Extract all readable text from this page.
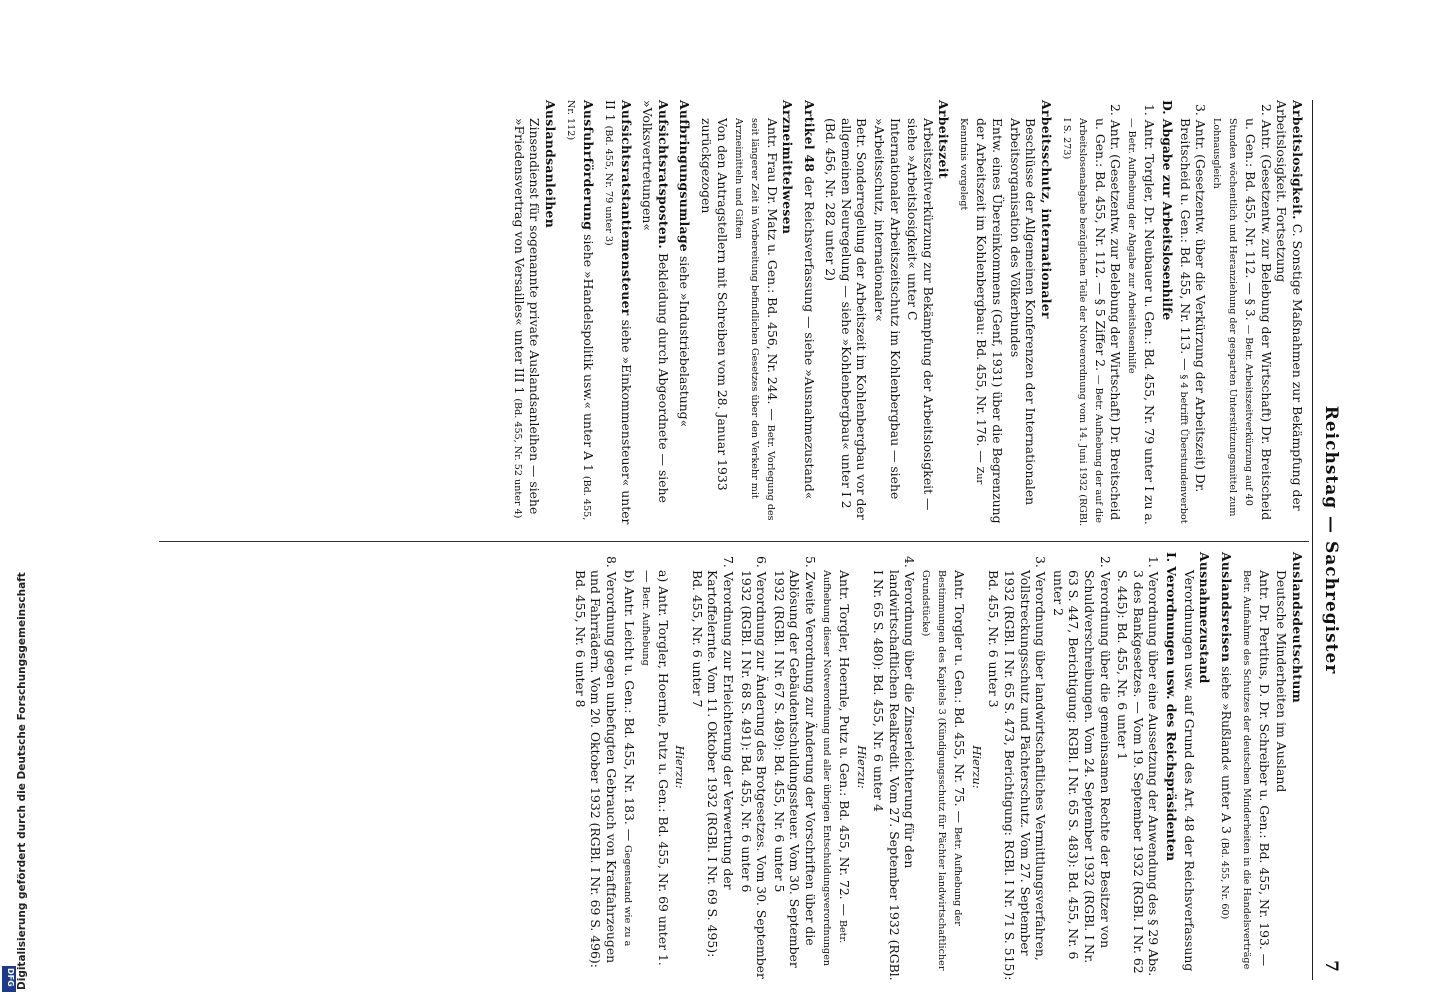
Reichstag — Sachregister
7
Arbeitslosigkeit. C. Sonstige Maßnahmen zur Bekämpfung der Arbeitslosigkeit. Fortsetzung
2. Antr. (Gesetzentw. zur Belebung der Wirtschaft) Dr. Breitscheid u. Gen.: Bd. 455, Nr. 112. — § 3. — Betr. Arbeitszeitverkürzung auf 40 Stunden wöchentlich und Heranziehung der gesparten Unterstützungsmittel zum Lohnausgleich
3. Antr. (Gesetzentw. über die Verkürzung der Arbeitszeit) Dr. Breitscheid u. Gen.: Bd. 455, Nr. 113. — § 4 betrifft Überstundenverbot
D. Abgabe zur Arbeitslosenhilfe
1. Antr. Torgler, Dr. Neubauer u. Gen.: Bd. 455, Nr. 79 unter I zu a. — Betr. Aufhebung der Abgabe zur Arbeitslosenhilfe
2. Antr. (Gesetzentw. zur Belebung der Wirtschaft) Dr. Breitscheid u. Gen.: Bd. 455, Nr. 112. — § 5 Ziffer 2. — Betr. Aufhebung der auf die Arbeitslosenabgabe bezüglichen Teile der Notverordnung vom 14. Juni 1932 (RGBl. I S. 273)
Arbeitsschutz, internationaler
Beschlüsse der Allgemeinen Konferenzen der Internationalen Arbeitsorganisation des Völkerbundes
Entw. eines Übereinkommens (Genf, 1931) über die Begrenzung der Arbeitszeit im Kohlenbergbau: Bd. 455, Nr. 176. — Zur Kenntnis vorgelegt
Arbeitszeit
Arbeitszeitverkürzung zur Bekämpfung der Arbeitslosigkeit — siehe »Arbeitslosigkeit« unter C
Internationaler Arbeitszeitschutz im Kohlenbergbau — siehe »Arbeitsschutz, internationaler«
Betr. Sonderregelung der Arbeitszeit im Kohlenbergbau vor der allgemeinen Neuregelung — siehe »Kohlenbergbau« unter I 2 (Bd. 456, Nr. 282 unter 2)
Artikel 48 der Reichsverfassung — siehe »Ausnahmezustand«
Arzneimittelwesen
Antr. Frau Dr. Matz u. Gen.: Bd. 456, Nr. 244. — Betr. Vorlegung des seit längerer Zeit in Vorbereitung befindlichen Gesetzes über den Verkehr mit Arzneimitteln und Giften
Von den Antragstellern mit Schreiben vom 28. Januar 1933 zurückgezogen
Aufbringungsumlage siehe »Industriebelastung«
Aufsichtsratsposten. Bekleidung durch Abgeordnete — siehe »Volksvertretungen«
Aufsichtsratstantiemensteuer siehe »Einkommensteuer« unter II 1 (Bd. 455, Nr. 79 unter 3)
Ausfuhrförderung siehe »Handelspolitik usw.« unter A 1 (Bd. 455, Nr. 112)
Auslandsanleihen
Zinsendienst für sogenannte private Auslandsanleihen — siehe »Friedensvertrag von Versailles« unter III 1 (Bd. 455, Nr. 52 unter 4)
Auslandsdeutschtum
Deutsche Minderheiten im Ausland
Antr. Dr. Pertitus, D. Dr. Schreiber u. Gen.: Bd. 455, Nr. 193. — Betr. Aufnahme des Schutzes der deutschen Minderheiten in die Handelsverträge
Auslandsreisen siehe »Rußland« unter A 3 (Bd. 455, Nr. 60)
Ausnahmezustand
Verordnungen usw. auf Grund des Art. 48 der Reichsverfassung
I. Verordnungen usw. des Reichspräsidenten
1. Verordnung über eine Aussetzung der Anwendung des § 29 Abs. 3 des Bankgesetzes. — Vom 19. September 1932 (RGBl. I Nr. 62 S. 445): Bd. 455, Nr. 6 unter 1
2. Verordnung über die gemeinsamen Rechte der Besitzer von Schuldverschreibungen. Vom 24. September 1932 (RGBl. I Nr. 63 S. 447, Berichtigung: RGBl. I Nr. 65 S. 483): Bd. 455, Nr. 6 unter 2
3. Verordnung über landwirtschaftliches Vermittlungsverfahren, Vollstreckungsschutz und Pächterschutz. Vom 27. September 1932 (RGBl. I Nr. 65 S. 473, Berichtigung: RGBl. I Nr. 71 S. 515): Bd. 455, Nr. 6 unter 3
Hierzu:
Antr. Torgler u. Gen.: Bd. 455, Nr. 75. — Betr. Aufhebung der Bestimmungen des Kapitels 3 (Kündigungsschutz für Pächter landwirtschaftlicher Grundstücke)
4. Verordnung über die Zinserleichterung für den landwirtschaftlichen Realkredit. Vom 27. September 1932 (RGBl. I Nr. 65 S. 480): Bd. 455, Nr. 6 unter 4
Hierzu:
Antr. Torgler, Hoernle, Putz u. Gen.: Bd. 455, Nr. 72. — Betr. Aufhebung dieser Notverordnung und aller übrigen Entschuldungsverordnungen
5. Zweite Verordnung zur Änderung der Vorschriften über die Ablösung der Gebäudentschuldungssteuer. Vom 30. September 1932 (RGBl. I Nr. 67 S. 489): Bd. 455, Nr. 6 unter 5
6. Verordnung zur Änderung des Brotgesetzes. Vom 30. September 1932 (RGBl. I Nr. 68 S. 491): Bd. 455, Nr. 6 unter 6
7. Verordnung zur Erleichterung der Verwertung der Kartoffelernte. Vom 11. Oktober 1932 (RGBl. I Nr. 69 S. 495): Bd. 455, Nr. 6 unter 7
Hierzu:
a) Antr. Torgler, Hoernle, Putz u. Gen.: Bd. 455, Nr. 69 unter 1. — Betr. Aufhebung
b) Antr. Leicht u. Gen.: Bd. 455, Nr. 183. — Gegenstand wie zu a
8. Verordnung gegen unbefugten Gebrauch von Kraftfahrzeugen und Fahrrädern. Vom 20. Oktober 1932 (RGBl. I Nr. 69 S. 496): Bd. 455, Nr. 6 unter 8
Digitalisierung gefördert durch die Deutsche Forschungsgemeinschaft
DFG
